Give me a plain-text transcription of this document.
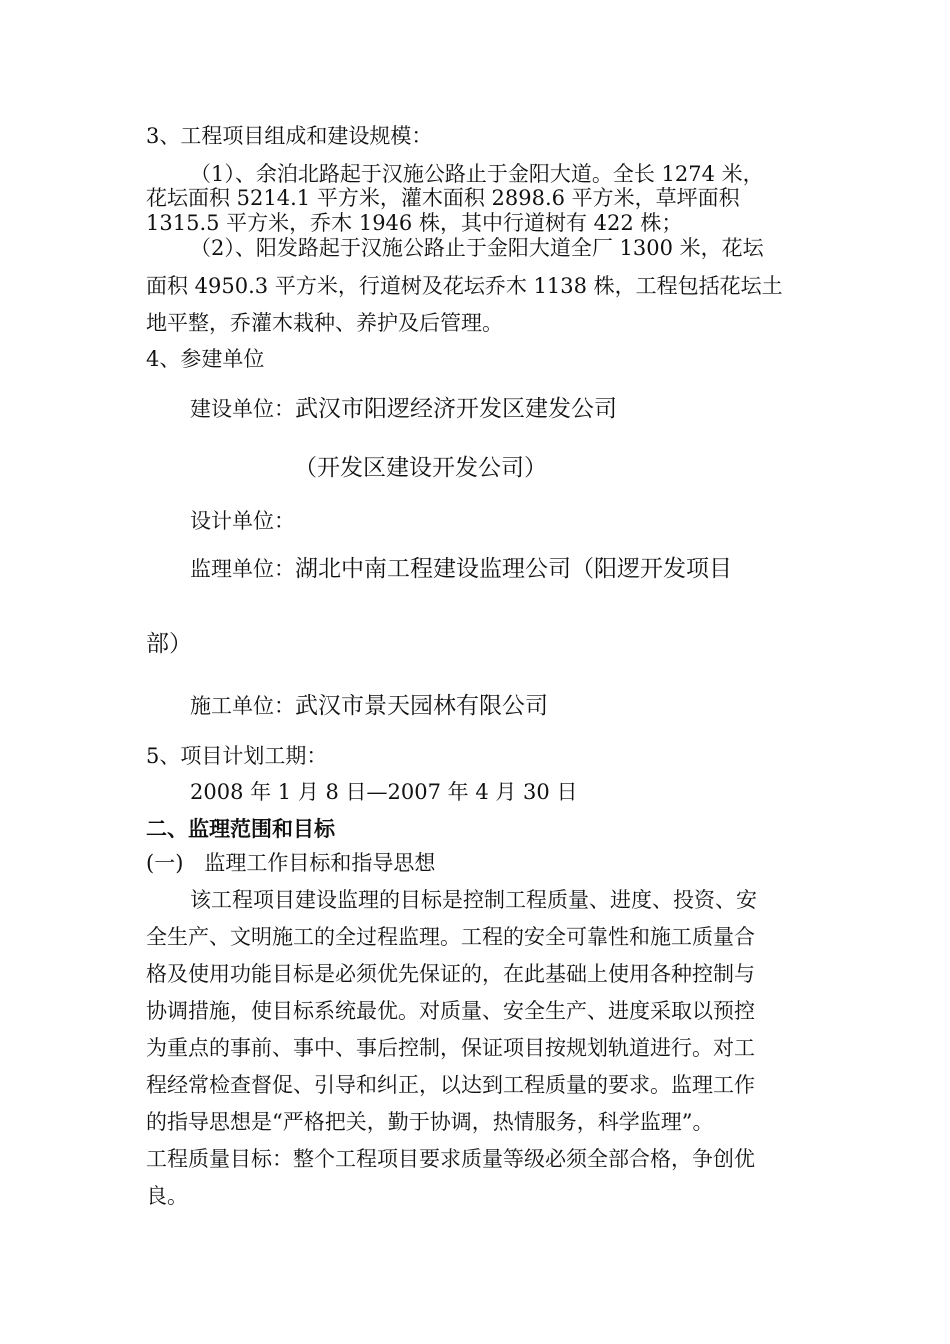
3、工程项目组成和建设规模：
（1）、余泊北路起于汉施公路止于金阳大道。全长 1274 米，
花坛面积 5214.1 平方米，灌木面积 2898.6 平方米，草坪面积
1315.5 平方米，乔木 1946 株，其中行道树有 422 株；
（2）、阳发路起于汉施公路止于金阳大道全厂 1300 米，花坛
面积 4950.3 平方米，行道树及花坛乔木 1138 株，工程包括花坛土
地平整，乔灌木栽种、养护及后管理。
4、参建单位
建设单位：武汉市阳逻经济开发区建发公司
（开发区建设开发公司）
设计单位：
监理单位：湖北中南工程建设监理公司（阳逻开发项目
部）
施工单位：武汉市景天园林有限公司
5、项目计划工期：
2008 年 1 月 8 日—2007 年 4 月 30 日
二、监理范围和目标
(一)　监理工作目标和指导思想
该工程项目建设监理的目标是控制工程质量、进度、投资、安
全生产、文明施工的全过程监理。工程的安全可靠性和施工质量合
格及使用功能目标是必须优先保证的，在此基础上使用各种控制与
协调措施，使目标系统最优。对质量、安全生产、进度采取以预控
为重点的事前、事中、事后控制，保证项目按规划轨道进行。对工
程经常检查督促、引导和纠正，以达到工程质量的要求。监理工作
的指导思想是“严格把关，勤于协调，热情服务，科学监理”。
工程质量目标：整个工程项目要求质量等级必须全部合格，争创优
良。
